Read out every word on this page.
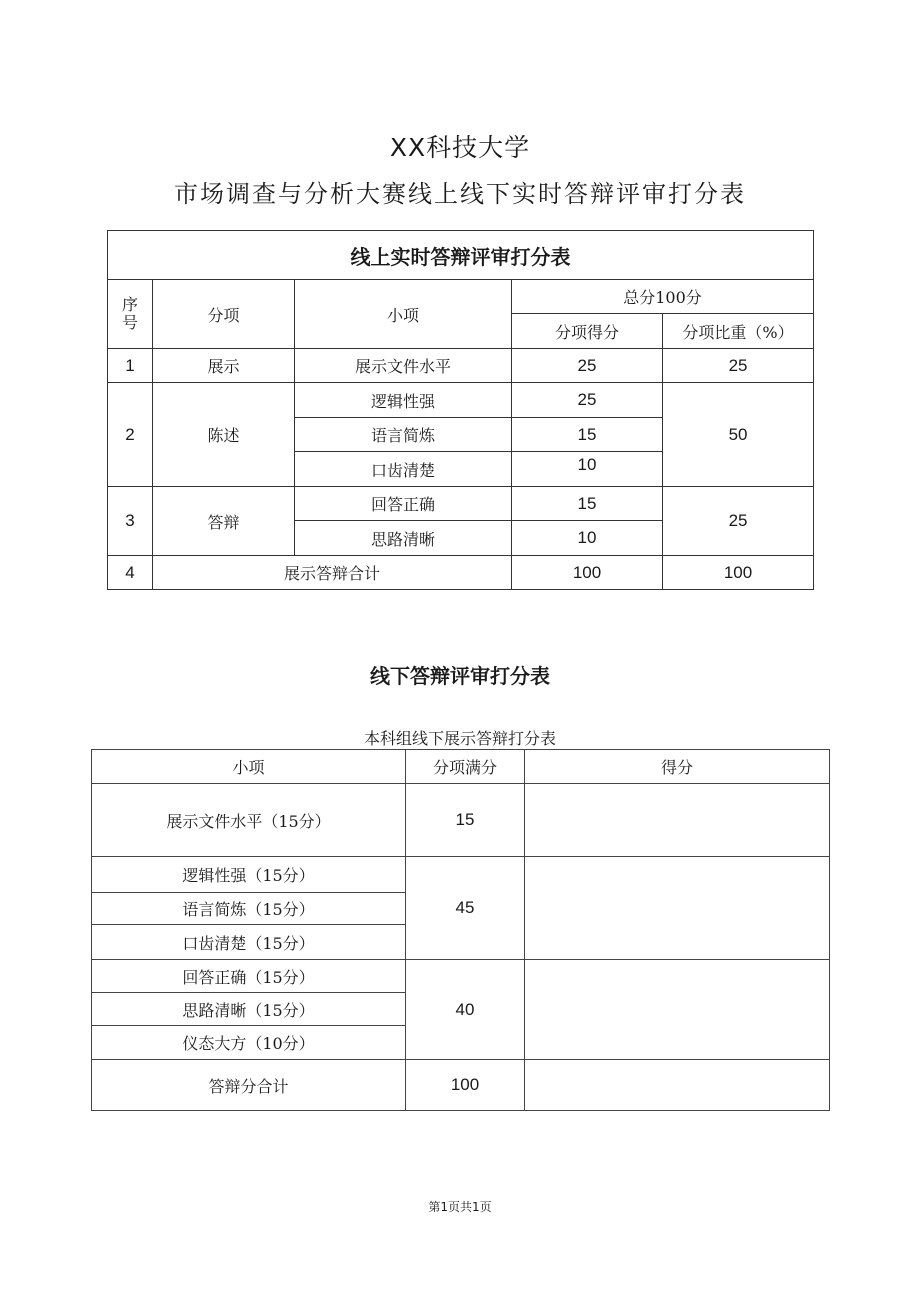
XX科技大学
市场调查与分析大赛线上线下实时答辩评审打分表
线上实时答辩评审打分表				
序号	分项	小项	总分100分	
			分项得分	分项比重（%）
1	展示	展示文件水平	25	25
2	陈述	逻辑性强	25	50
		语言简炼	15	
		口齿清楚	10	
3	答辩	回答正确	15	25
		思路清晰	10	
4	展示答辩合计		100	100
线下答辩评审打分表
本科组线下展示答辩打分表
小项	分项满分	得分
展示文件水平（15分）	15	
逻辑性强（15分）	45	
语言简炼（15分）		
口齿清楚（15分）		
回答正确（15分）	40	
思路清晰（15分）		
仪态大方（10分）		
答辩分合计	100	
第1页共1页
